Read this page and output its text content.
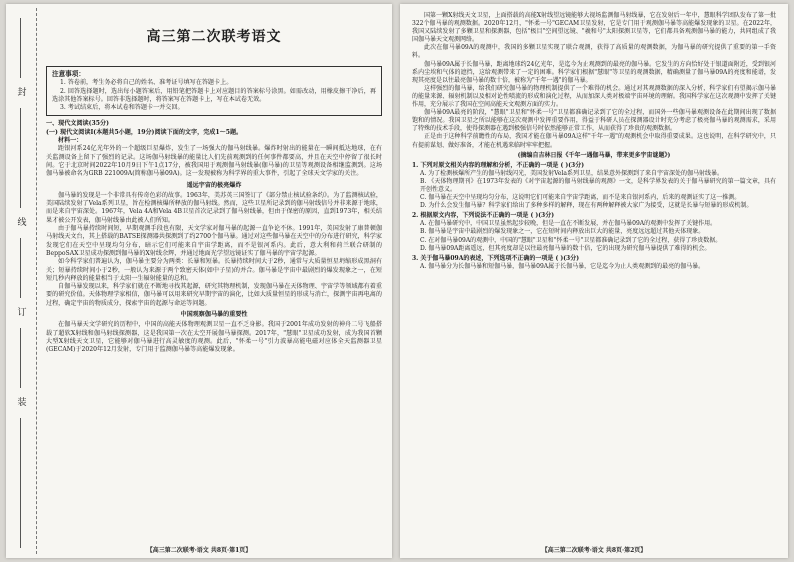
封
线
订
装
高三第二次联考语文
注意事项：

1. 答卷前，考生务必将自己的姓名、准考证号填写在答题卡上。

2. 回答选择题时，选出每小题答案后，用铅笔把答题卡上对应题目的答案标号涂黑。如需改动，用橡皮擦干净后，再选涂其他答案标号。回答非选择题时，将答案写在答题卡上，写在本试卷无效。

3. 考试结束后，将本试卷和答题卡一并交回。

一、现代文阅读(35分)

(一) 现代文阅读Ⅰ(本题共5小题，19分)阅读下面的文字，完成1～5题。

材料一：

距银河系24亿光年外的一个超级巨星爆炸，发生了一场强大的伽马射线暴。爆炸时射出的能量在一瞬间抵达地球，在有关监测设备上留下了强烈的记录。这场伽马射线暴的能量比人们先前观测到的任何事件都要高，并且在天空中停留了很长时间。它于北京时间2022年10月9日下午1点17分，被我国用于观测伽马射线暴(伽马暴)的卫星等观测设备相继监测到。这场伽马暴被命名为GRB 221009A(简称伽马暴09A)。这一发现被称为科学界的重大事件，引起了全球天文学家的关注。

遥远宇宙的极亮爆炸

伽马暴的发现是一个非常具有传奇色彩的故事。1963年，美苏英三国签订了《部分禁止核试验条约》。为了监测核试验，美国陆续发射了Vela系列卫星，旨在检测核爆所释放的伽马射线。然而，这些卫星所记录到的伽马射线信号并非来源于地球，而是来自宇宙深处。1967年，Vela 4A和Vela 4B卫星首次记录到了伽马射线暴，但由于保密的原因，直到1973年，相关结果才被公开发表，伽马射线暴由此被人们所知。

由于伽马暴持续时间短，早期观测手段也有限，天文学家对伽马暴的起源一直争论不休。1991年，美国发射了康普顿伽马射线天文台，其上搭载的BATSE探测器共探测到了约2700个伽马暴。通过对这些伽马暴在天空中的分布进行研究，科学家发现它们在天空中呈现均匀分布，暗示它们可能来自宇宙学距离，而不是银河系内。此后，意大利和荷兰联合研制的BeppoSAX卫星成功探测到伽马暴的X射线余辉，并通过地面光学望远镜证实了伽马暴的宇宙学起源。

如今科学家们普遍认为，伽马暴主要分为两类：长暴和短暴。长暴持续时间大于2秒，通常与大质量恒星坍缩形成黑洞有关；短暴持续时间小于2秒，一般认为来源于两个致密天体(如中子星)的并合。伽马暴是宇宙中最剧烈的爆发现象之一，在短短几秒内释放的能量相当于太阳一生辐射能量的总和。

自伽马暴发现以来，科学家们就在不断地寻找其起源，研究其物理机制，发现伽马暴在天体物理、宇宙学等领域都有着重要的研究价值。天体物理学家相信，伽马暴可以用来研究早期宇宙的演化，比如大质量恒星的形成与消亡，探测宇宙再电离的过程，确定宇宙的物质成分，探索宇宙的起源与命运等问题。

中国观察伽马暴的重要性

在伽马暴天文学研究的历程中，中国的高能天体物理观测卫星一直不乏身影。我国于2001年成功发射的神舟二号飞船搭载了超软X射线和伽马射线探测器，这是我国第一次在太空开展伽马暴探测。2017年，"慧眼"卫星成功发射，成为我国首颗大型X射线天文卫星，它能够对伽马暴进行高灵敏度的观测。此后，"怀柔一号"引力波暴高能电磁对应体全天监测器卫星(GECAM)于2020年12月发射，专门用于监测伽马暴等高能爆发现象。

【高三第二次联考·语文 共8页·第1页】

国第一颗X射线天文卫星，上面搭载的高能X射线望远镜能够大视场监测伽马射线暴，它在发射后一年中，慧眼科学团队发布了第一批322个伽马暴的观测数据。2020年12月，"怀柔一号"GECAM卫星发射，它是专门用于观测伽马暴等高能爆发现象的卫星。在2022年，我国又陆续发射了多颗卫星和探测器，包括"极目"空间望远镜、"羲和号"太阳探测卫星等，它们都具备观测伽马暴的能力，共同组成了我国伽马暴天文观测网络。

此次在伽马暴09A的观测中，我国的多颗卫星实现了联合观测，获得了高质量的观测数据，为伽马暴的研究提供了重要的第一手资料。

伽马暴09A属于长伽马暴，距离地球约24亿光年，是迄今为止观测到的最亮的伽马暴。它发生的方向恰好处于银道面附近，受到银河系内尘埃和气体的遮挡，这给观测带来了一定的困难。科学家们根据"慧眼"等卫星的观测数据，精确测量了伽马暴09A的亮度和能谱，发现其亮度是以往最亮伽马暴的数十倍，被称为"千年一遇"的伽马暴。

这样强烈的伽马暴，给我们研究伽马暴的物理机制提供了一个难得的机会。通过对其观测数据的深入分析，科学家们有望揭示伽马暴的能量来源、辐射机制以及相对论性喷流的形成和演化过程，从而加深人类对极端宇宙环境的理解。我国科学家在这次观测中发挥了关键作用，充分展示了我国在空间高能天文观测方面的实力。

伽马暴09A最亮的阶段，"慧眼"卫星和"怀柔一号"卫星都准确记录到了它的全过程，而国外一些伽马暴观测设备在此期间出现了数据饱和的情况。我国卫星之所以能够在这次观测中发挥重要作用，得益于科研人员在探测器设计时充分考虑了极亮伽马暴的观测需求，采用了特殊的技术手段，使得探测器在遇到极强信号时依然能够正常工作，从而获得了珍贵的观测数据。

正是由于这种科学前瞻性的布局，我国才能在伽马暴09A这样"千年一遇"的观测机会中取得重要成果。这也说明，在科学研究中，只有提前谋划、做好准备，才能在机遇来临时牢牢把握。

(摘编自吉林日报《千年一遇伽马暴，带来更多宇宙谜题》)

1. 下列对原文相关内容的理解和分析，不正确的一项是 ( )(3分)

A. 为了检测核爆所产生的伽马射线闪光，美国发射Vela系列卫星，结果意外探测到了来自宇宙深处的伽马射线暴。

B. 《天体物理期刊》在1973年发表的《对宇宙起源的伽马射线暴的观测》一文，是科学界发表的关于伽马暴研究的第一篇文章，具有开创性意义。

C. 伽马暴在天空中呈现均匀分布，这说明它们可能来自宇宙学距离，而不是来自银河系内，后来的观测证实了这一推测。

D. 为什么会发生伽马暴？科学家们给出了多种多样的解释，现在有两种解释被大家广为接受，这就是长暴与短暴的形成机制。

2. 根据原文内容，下列说法不正确的一项是 ( )(3分)

A. 在伽马暴研究中，中国卫星虽然起步较晚，但是一直在不断发展，并在伽马暴09A的观测中发挥了关键作用。

B. 伽马暴是宇宙中最剧烈的爆发现象之一，它在短时间内释放出巨大的能量，亮度远远超过其他天体现象。

C. 在对伽马暴09A的观测中，中国的"慧眼"卫星和"怀柔一号"卫星都准确记录到了它的全过程，获得了珍贵数据。

D. 伽马暴09A距离遥远，但其亮度却是以往最亮伽马暴的数十倍，它的出现为研究伽马暴提供了难得的机会。

3. 关于伽马暴09A的表述，下列选项不正确的一项是 ( )(3分)

A. 伽马暴分为长伽马暴和短伽马暴，伽马暴09A属于长伽马暴，它是迄今为止人类观测到的最亮的伽马暴。

【高三第二次联考·语文 共8页·第2页】
